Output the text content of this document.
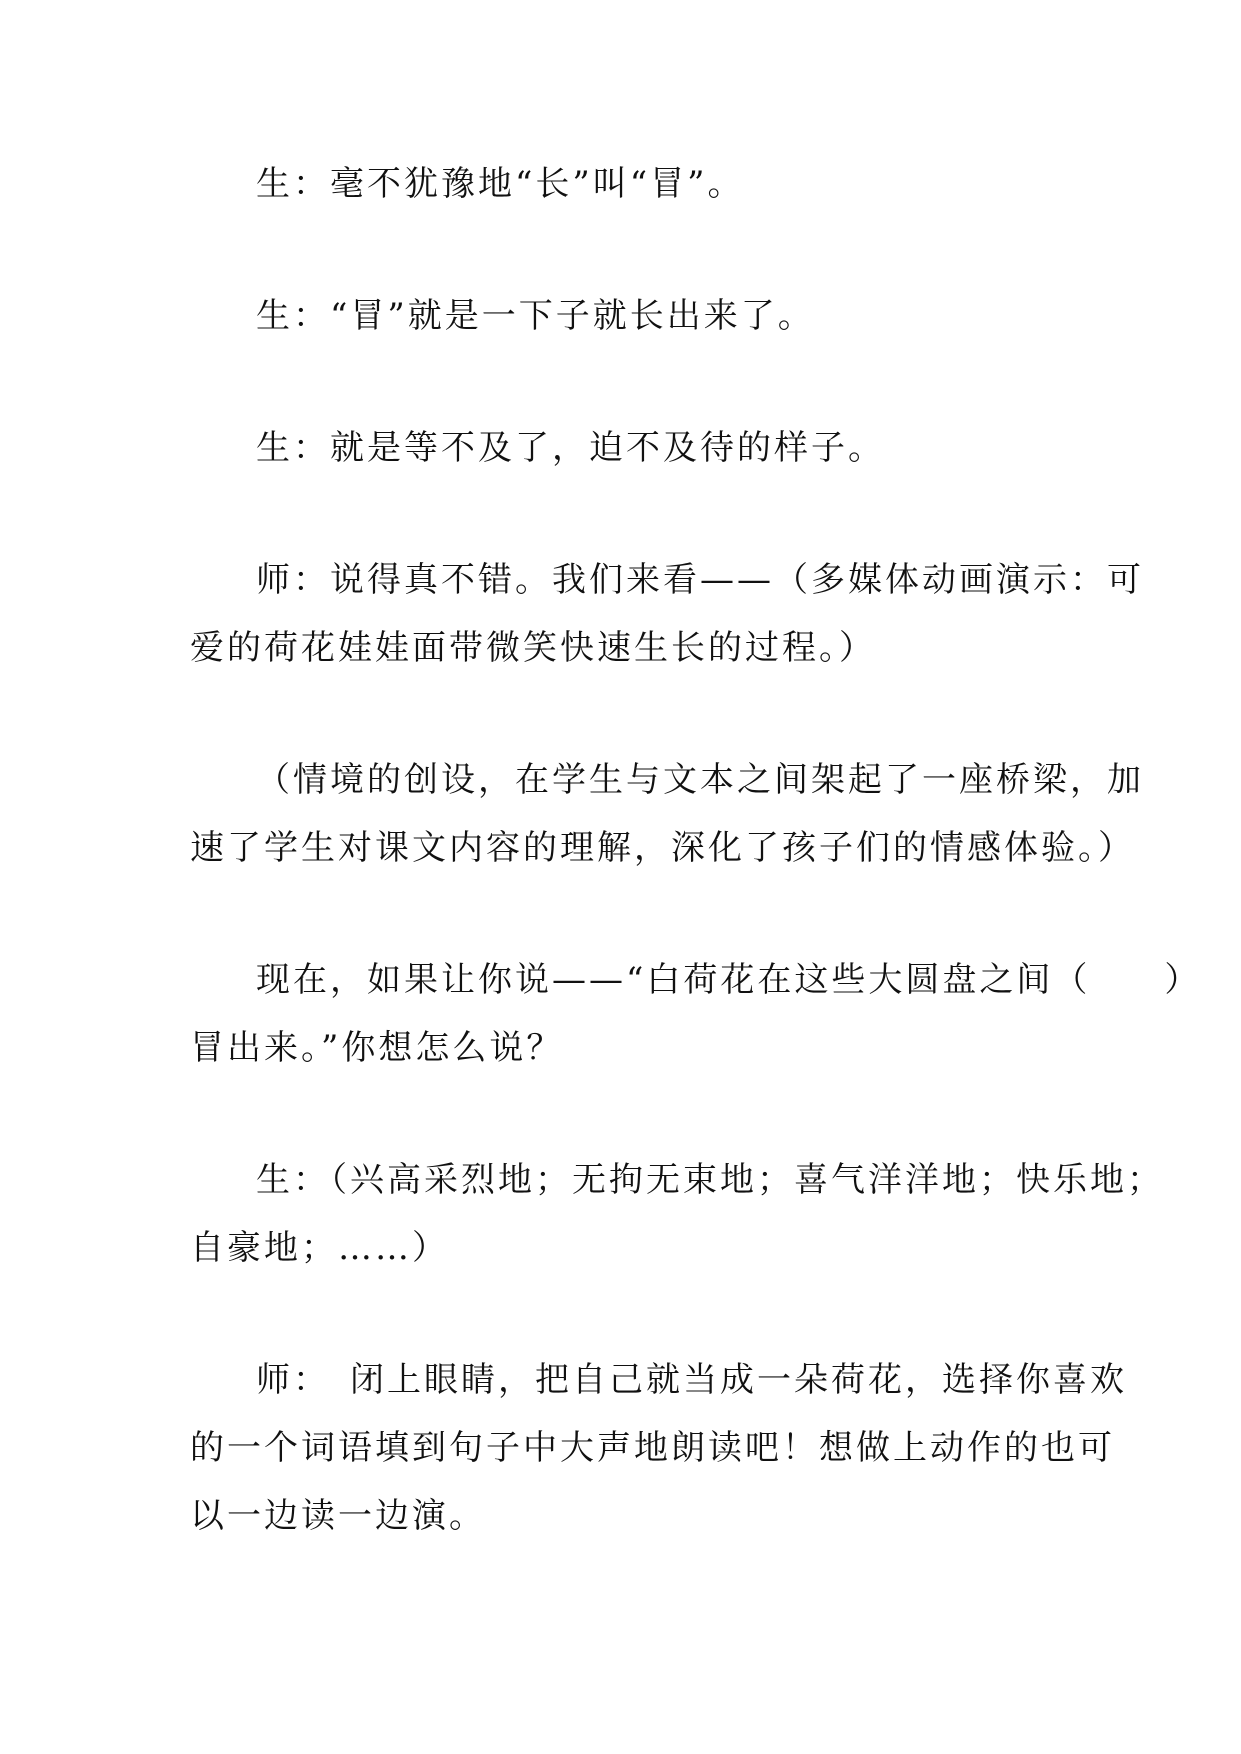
生：毫不犹豫地“长”叫“冒”。

生：“冒”就是一下子就长出来了。

生：就是等不及了，迫不及待的样子。

师：说得真不错。我们来看——（多媒体动画演示：可
爱的荷花娃娃面带微笑快速生长的过程。）

（情境的创设，在学生与文本之间架起了一座桥梁，加
速了学生对课文内容的理解，深化了孩子们的情感体验。）

现在，如果让你说——“白荷花在这些大圆盘之间（　　）
冒出来。”你想怎么说？

生：（兴高采烈地；无拘无束地；喜气洋洋地；快乐地；
自豪地；……）

师：　闭上眼睛，把自己就当成一朵荷花，选择你喜欢
的一个词语填到句子中大声地朗读吧！想做上动作的也可
以一边读一边演。
